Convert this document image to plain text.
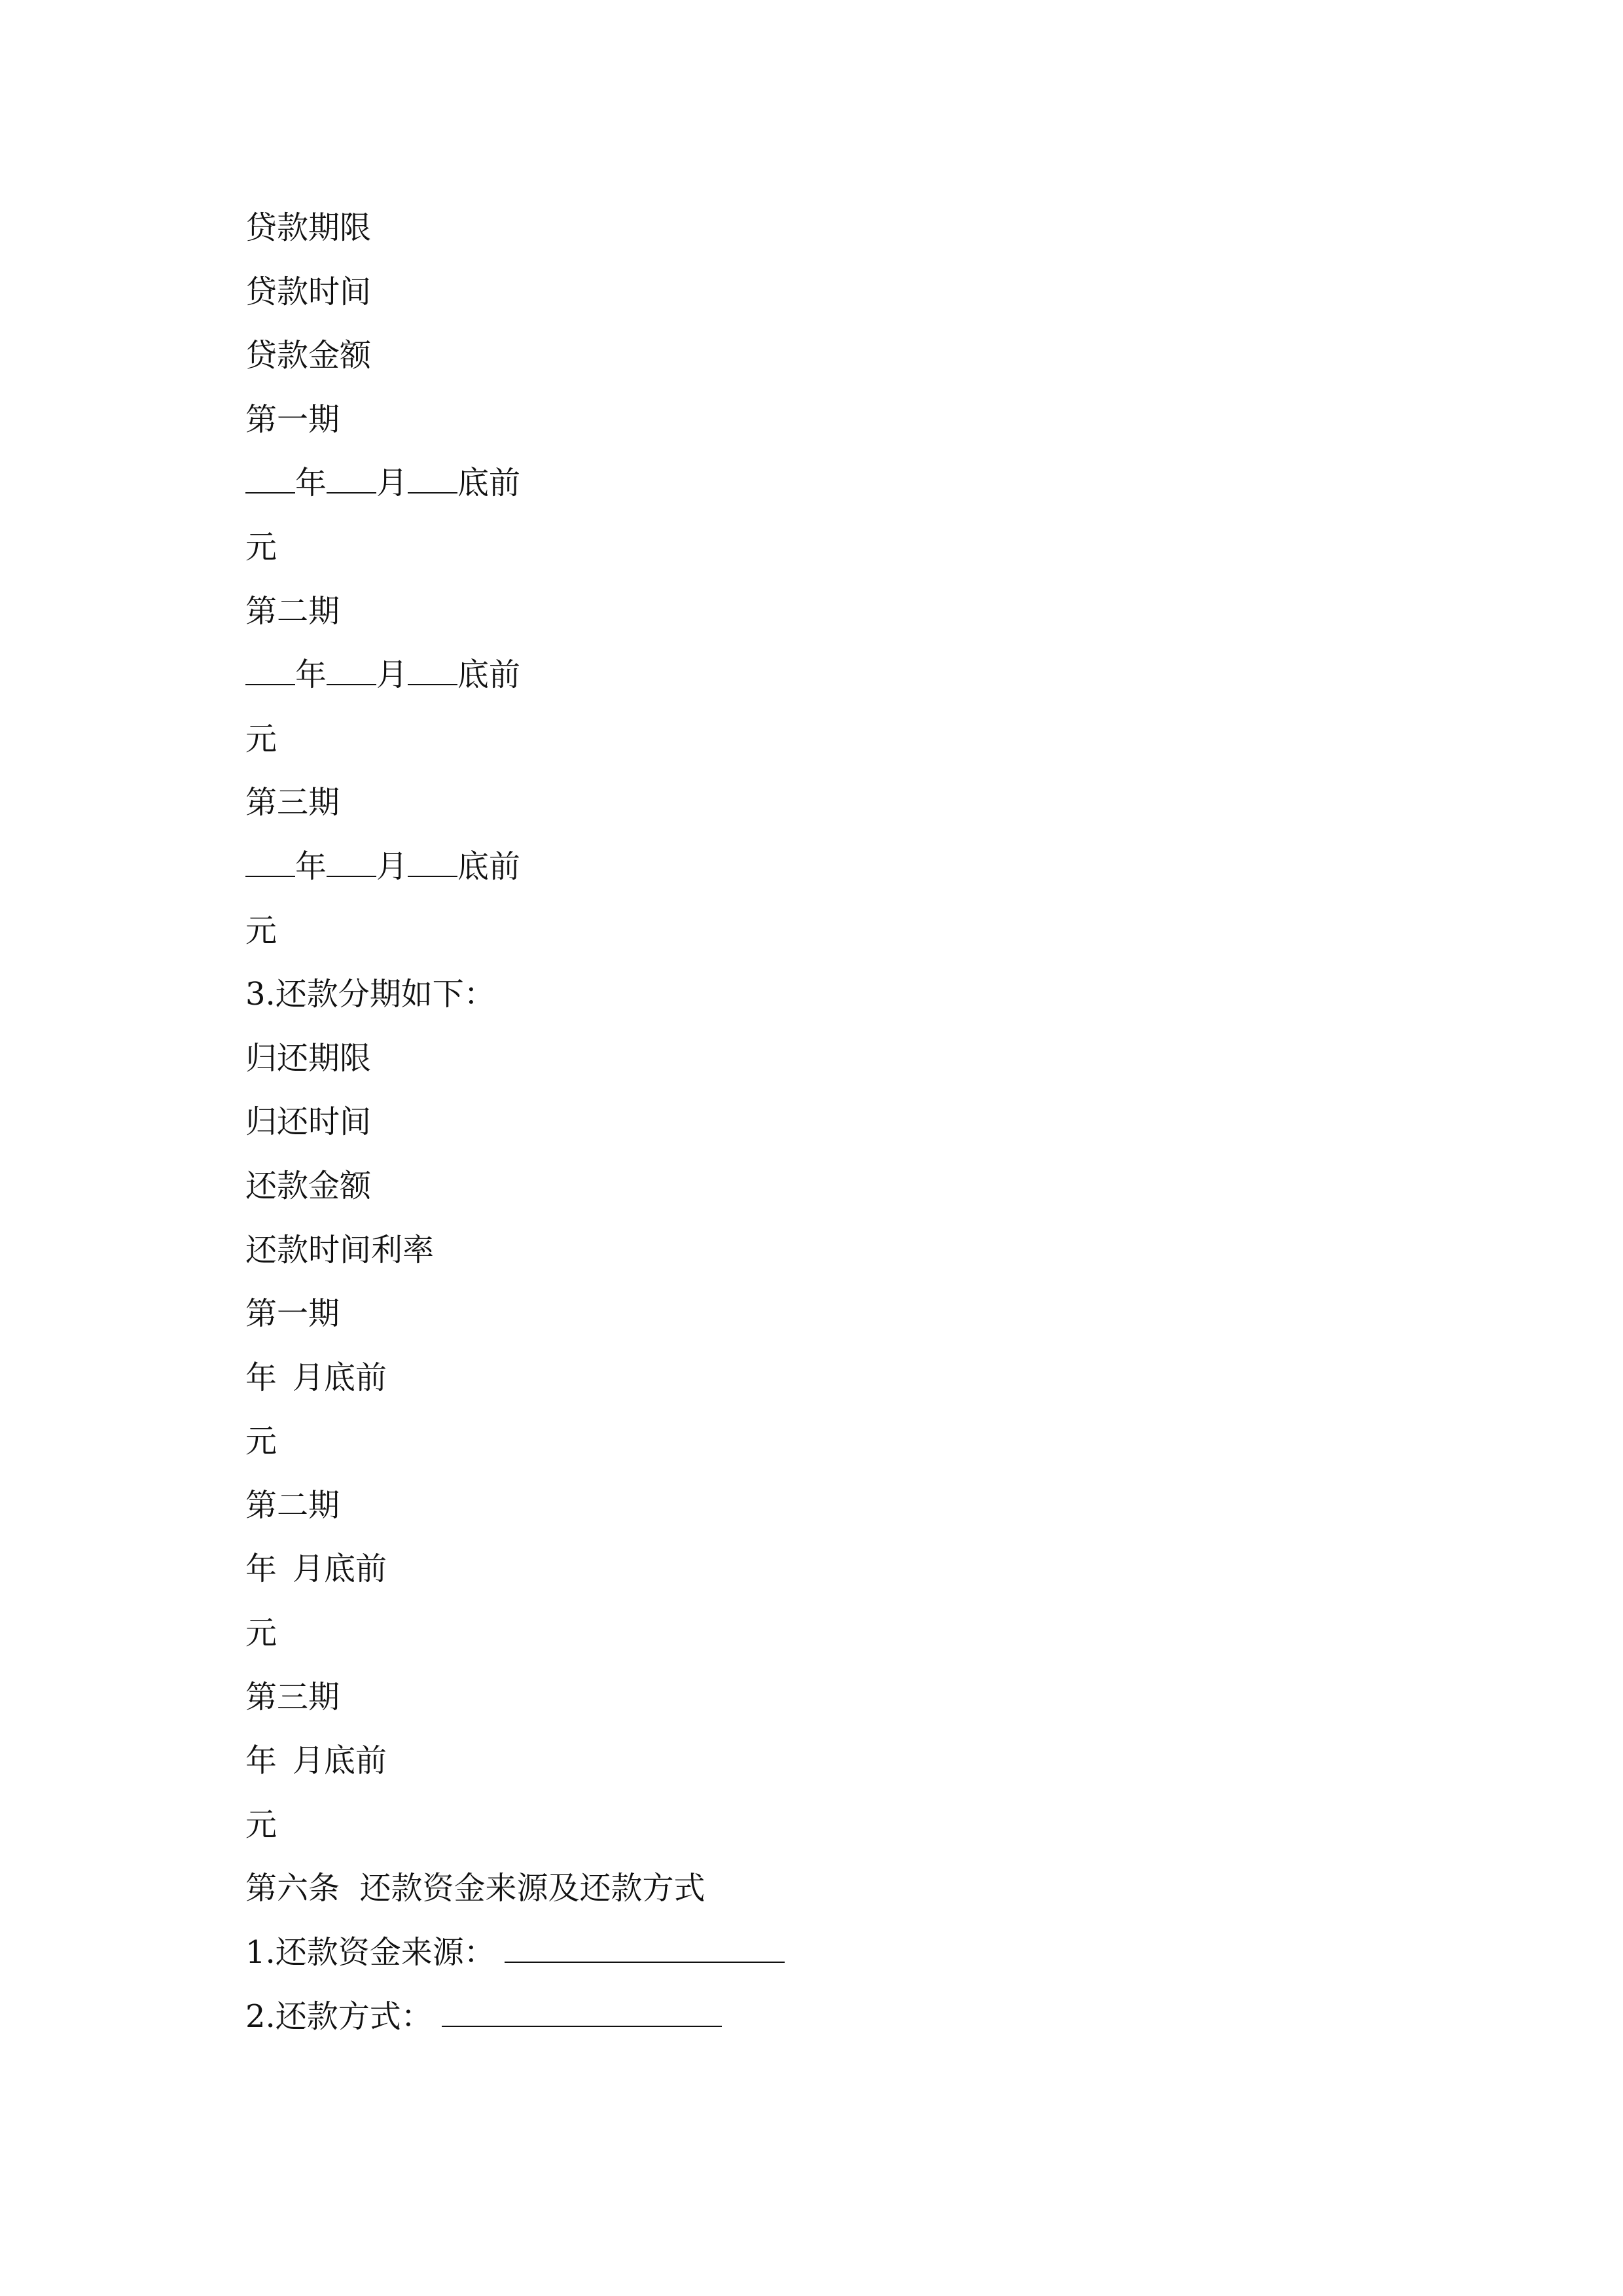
贷款期限
贷款时间
贷款金额
第一期
年 月 底前
元
第二期
年 月 底前
元
第三期
年 月 底前
元
3.还款分期如下：
归还期限
归还时间
还款金额
还款时间利率
第一期
年 月底前
元
第二期
年 月底前
元
第三期
年 月底前
元
第六条  还款资金来源及还款方式
1.还款资金来源：
2.还款方式：
